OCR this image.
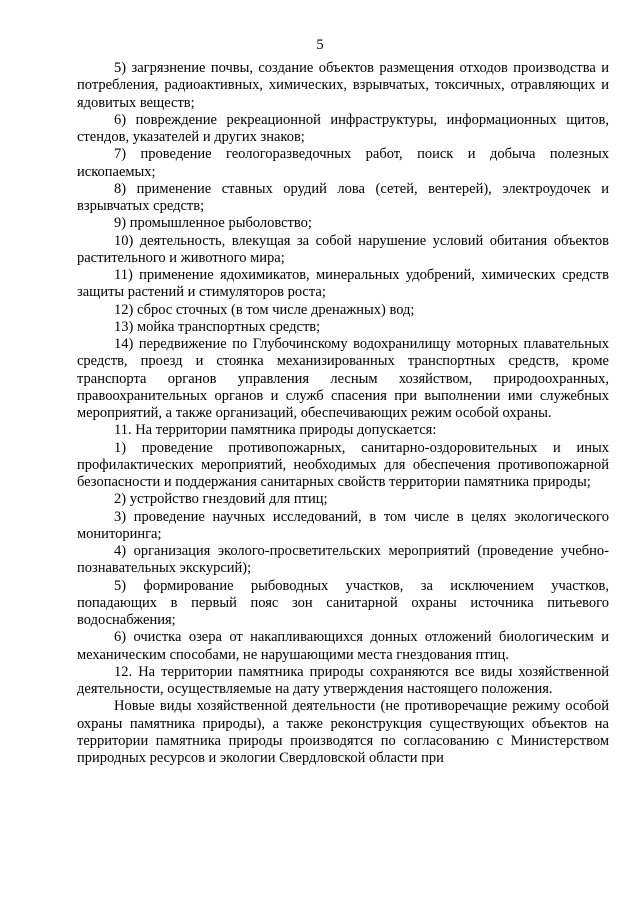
5

5) загрязнение почвы, создание объектов размещения отходов производства и потребления, радиоактивных, химических, взрывчатых, токсичных, отравляющих и ядовитых веществ;

6) повреждение рекреационной инфраструктуры, информационных щитов, стендов, указателей и других знаков;

7) проведение геологоразведочных работ, поиск и добыча полезных ископаемых;

8) применение ставных орудий лова (сетей, вентерей), электроудочек и взрывчатых средств;

9) промышленное рыболовство;

10) деятельность, влекущая за собой нарушение условий обитания объектов растительного и животного мира;

11) применение ядохимикатов, минеральных удобрений, химических средств защиты растений и стимуляторов роста;

12) сброс сточных (в том числе дренажных) вод;

13) мойка транспортных средств;

14) передвижение по Глубочинскому водохранилищу моторных плавательных средств, проезд и стоянка механизированных транспортных средств, кроме транспорта органов управления лесным хозяйством, природоохранных, правоохранительных органов и служб спасения при выполнении ими служебных мероприятий, а также организаций, обеспечивающих режим особой охраны.

11. На территории памятника природы допускается:

1) проведение противопожарных, санитарно-оздоровительных и иных профилактических мероприятий, необходимых для обеспечения противопожарной безопасности и поддержания санитарных свойств территории памятника природы;

2) устройство гнездовий для птиц;

3) проведение научных исследований, в том числе в целях экологического мониторинга;

4) организация эколого-просветительских мероприятий (проведение учебно-познавательных экскурсий);

5) формирование рыбоводных участков, за исключением участков, попадающих в первый пояс зон санитарной охраны источника питьевого водоснабжения;

6) очистка озера от накапливающихся донных отложений биологическим и механическим способами, не нарушающими места гнездования птиц.

12. На территории памятника природы сохраняются все виды хозяйственной деятельности, осуществляемые на дату утверждения настоящего положения.

Новые виды хозяйственной деятельности (не противоречащие режиму особой охраны памятника природы), а также реконструкция существующих объектов на территории памятника природы производятся по согласованию с Министерством природных ресурсов и экологии Свердловской области при
